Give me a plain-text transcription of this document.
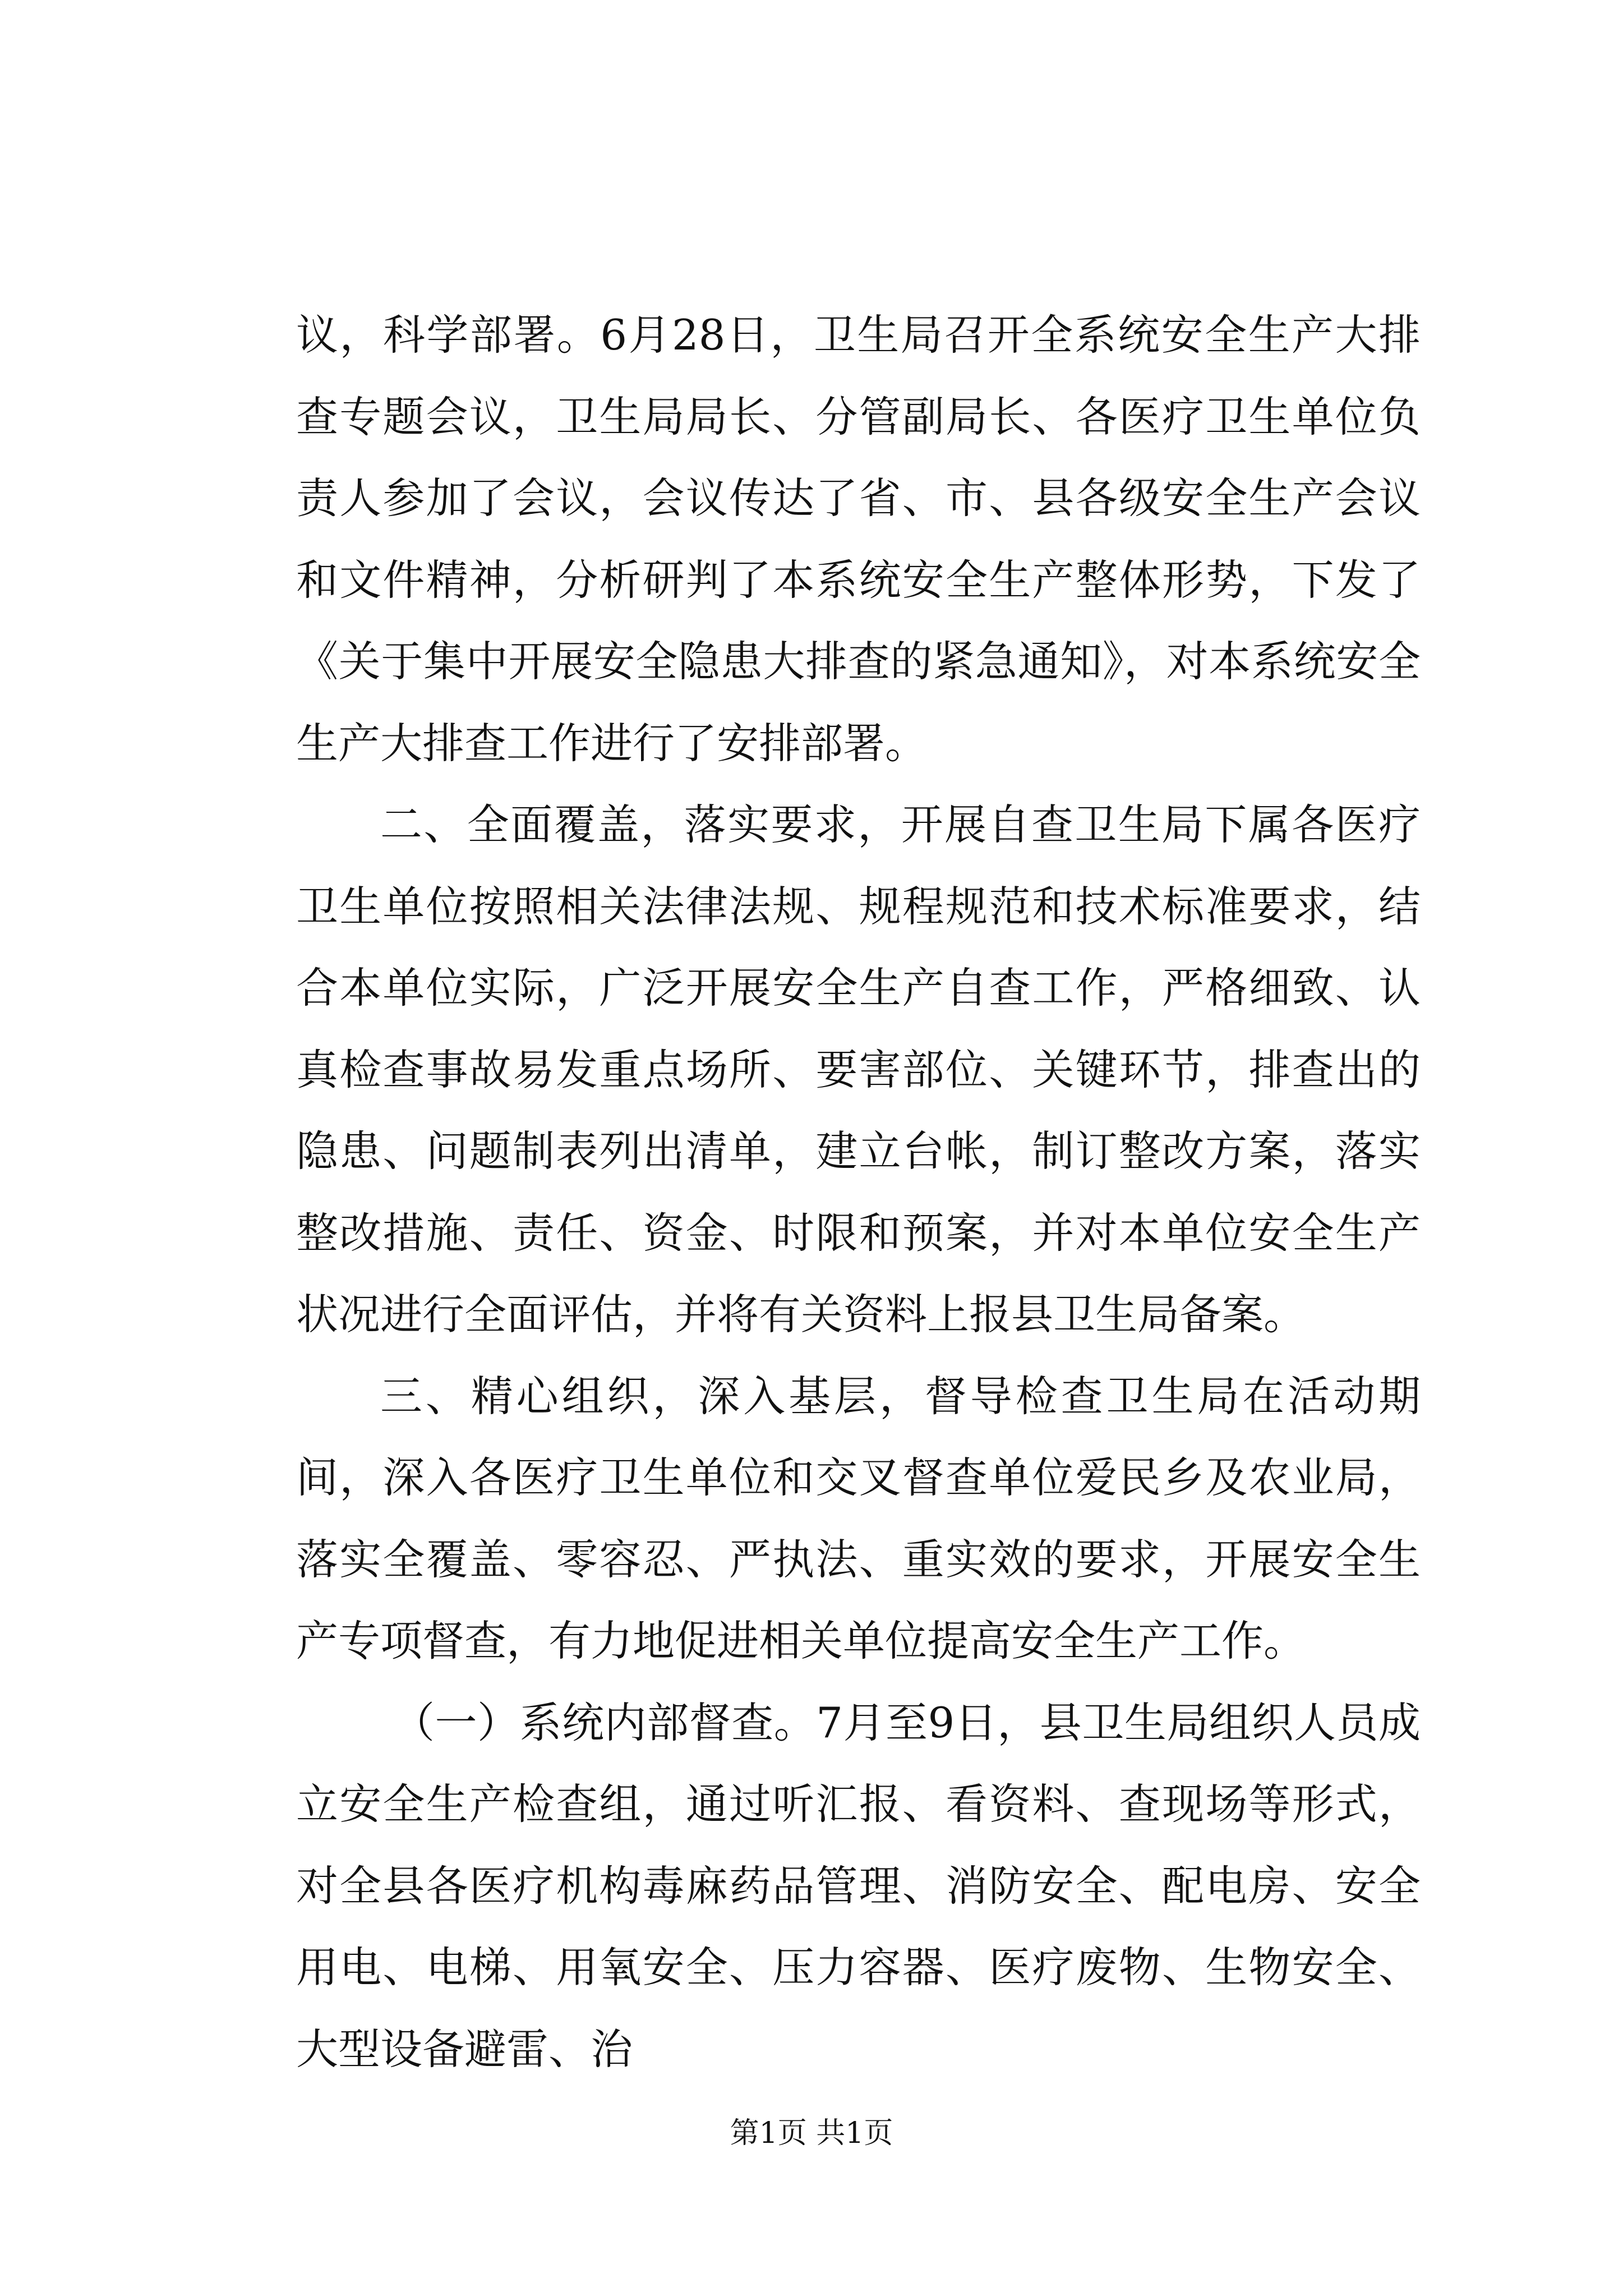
议，科学部署。6月28日，卫生局召开全系统安全生产大排查专题会议，卫生局局长、分管副局长、各医疗卫生单位负责人参加了会议，会议传达了省、市、县各级安全生产会议和文件精神，分析研判了本系统安全生产整体形势，下发了《关于集中开展安全隐患大排查的紧急通知》，对本系统安全生产大排查工作进行了安排部署。

二、全面覆盖，落实要求，开展自查卫生局下属各医疗卫生单位按照相关法律法规、规程规范和技术标准要求，结合本单位实际，广泛开展安全生产自查工作，严格细致、认真检查事故易发重点场所、要害部位、关键环节，排查出的隐患、问题制表列出清单，建立台帐，制订整改方案，落实整改措施、责任、资金、时限和预案，并对本单位安全生产状况进行全面评估，并将有关资料上报县卫生局备案。

三、精心组织，深入基层，督导检查卫生局在活动期间，深入各医疗卫生单位和交叉督查单位爱民乡及农业局，落实全覆盖、零容忍、严执法、重实效的要求，开展安全生产专项督查，有力地促进相关单位提高安全生产工作。

（一）系统内部督查。7月至9日，县卫生局组织人员成立安全生产检查组，通过听汇报、看资料、查现场等形式，对全县各医疗机构毒麻药品管理、消防安全、配电房、安全用电、电梯、用氧安全、压力容器、医疗废物、生物安全、大型设备避雷、治

第1页 共1页
